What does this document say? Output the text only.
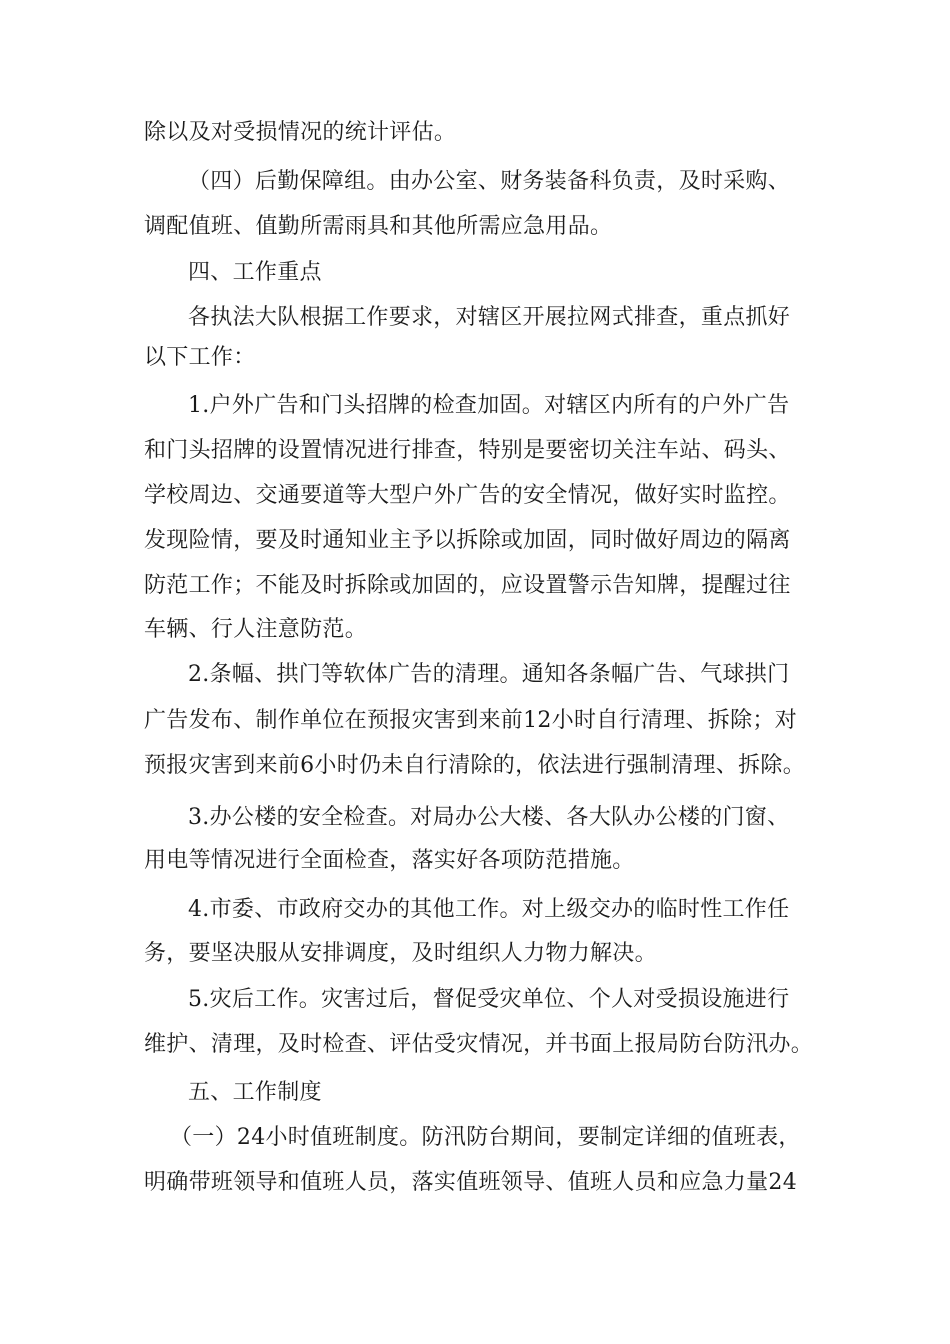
除以及对受损情况的统计评估。
（四）后勤保障组。由办公室、财务装备科负责，及时采购、
调配值班、值勤所需雨具和其他所需应急用品。
四、工作重点
各执法大队根据工作要求，对辖区开展拉网式排查，重点抓好
以下工作：
1.户外广告和门头招牌的检查加固。对辖区内所有的户外广告
和门头招牌的设置情况进行排查，特别是要密切关注车站、码头、
学校周边、交通要道等大型户外广告的安全情况，做好实时监控。
发现险情，要及时通知业主予以拆除或加固，同时做好周边的隔离
防范工作；不能及时拆除或加固的，应设置警示告知牌，提醒过往
车辆、行人注意防范。
2.条幅、拱门等软体广告的清理。通知各条幅广告、气球拱门
广告发布、制作单位在预报灾害到来前12小时自行清理、拆除；对
预报灾害到来前6小时仍未自行清除的，依法进行强制清理、拆除。
3.办公楼的安全检查。对局办公大楼、各大队办公楼的门窗、
用电等情况进行全面检查，落实好各项防范措施。
4.市委、市政府交办的其他工作。对上级交办的临时性工作任
务，要坚决服从安排调度，及时组织人力物力解决。
5.灾后工作。灾害过后，督促受灾单位、个人对受损设施进行
维护、清理，及时检查、评估受灾情况，并书面上报局防台防汛办。
五、工作制度
（一）24小时值班制度。防汛防台期间，要制定详细的值班表，
明确带班领导和值班人员，落实值班领导、值班人员和应急力量24
